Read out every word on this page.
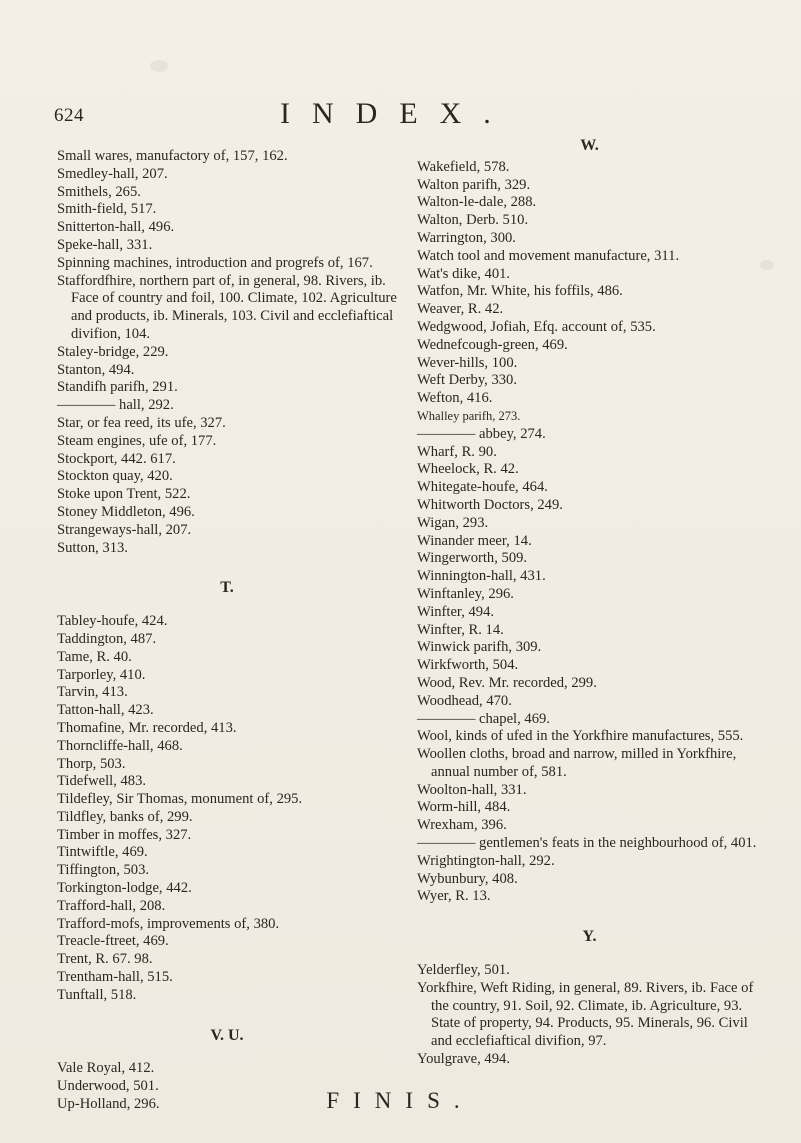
624	INDEX.

Small wares, manufactory of, 157, 162.

Smedley-hall, 207.

Smithels, 265.

Smith-field, 517.

Snitterton-hall, 496.

Speke-hall, 331.

Spinning machines, introduction and progrefs of, 167.

Staffordfhire, northern part of, in general, 98. Rivers, ib. Face of country and foil, 100. Climate, 102. Agriculture and products, ib. Minerals, 103. Civil and ecclefiaftical divifion, 104.

Staley-bridge, 229.

Stanton, 494.

Standifh parifh, 291.

———— hall, 292.

Star, or fea reed, its ufe, 327.

Steam engines, ufe of, 177.

Stockport, 442. 617.

Stockton quay, 420.

Stoke upon Trent, 522.

Stoney Middleton, 496.

Strangeways-hall, 207.

Sutton, 313.

T.

Tabley-houfe, 424.

Taddington, 487.

Tame, R. 40.

Tarporley, 410.

Tarvin, 413.

Tatton-hall, 423.

Thomafine, Mr. recorded, 413.

Thorncliffe-hall, 468.

Thorp, 503.

Tidefwell, 483.

Tildefley, Sir Thomas, monument of, 295.

Tildfley, banks of, 299.

Timber in moffes, 327.

Tintwiftle, 469.

Tiffington, 503.

Torkington-lodge, 442.

Trafford-hall, 208.

Trafford-mofs, improvements of, 380.

Treacle-ftreet, 469.

Trent, R. 67. 98.

Trentham-hall, 515.

Tunftall, 518.

V. U.

Vale Royal, 412.

Underwood, 501.

Up-Holland, 296.

W.

Wakefield, 578.

Walton parifh, 329.

Walton-le-dale, 288.

Walton, Derb. 510.

Warrington, 300.

Watch tool and movement manufacture, 311.

Wat's dike, 401.

Watfon, Mr. White, his foffils, 486.

Weaver, R. 42.

Wedgwood, Jofiah, Efq. account of, 535.

Wednefcough-green, 469.

Wever-hills, 100.

Weft Derby, 330.

Wefton, 416.

Whalley parifh, 273.

———— abbey, 274.

Wharf, R. 90.

Wheelock, R. 42.

Whitegate-houfe, 464.

Whitworth Doctors, 249.

Wigan, 293.

Winander meer, 14.

Wingerworth, 509.

Winnington-hall, 431.

Winftanley, 296.

Winfter, 494.

Winfter, R. 14.

Winwick parifh, 309.

Wirkfworth, 504.

Wood, Rev. Mr. recorded, 299.

Woodhead, 470.

———— chapel, 469.

Wool, kinds of ufed in the Yorkfhire manufactures, 555.

Woollen cloths, broad and narrow, milled in Yorkfhire, annual number of, 581.

Woolton-hall, 331.

Worm-hill, 484.

Wrexham, 396.

———— gentlemen's feats in the neighbourhood of, 401.

Wrightington-hall, 292.

Wybunbury, 408.

Wyer, R. 13.

Y.

Yelderfley, 501.

Yorkfhire, Weft Riding, in general, 89. Rivers, ib. Face of the country, 91. Soil, 92. Climate, ib. Agriculture, 93. State of property, 94. Products, 95. Minerals, 96. Civil and ecclefiaftical divifion, 97.

Youlgrave, 494.

FINIS.
